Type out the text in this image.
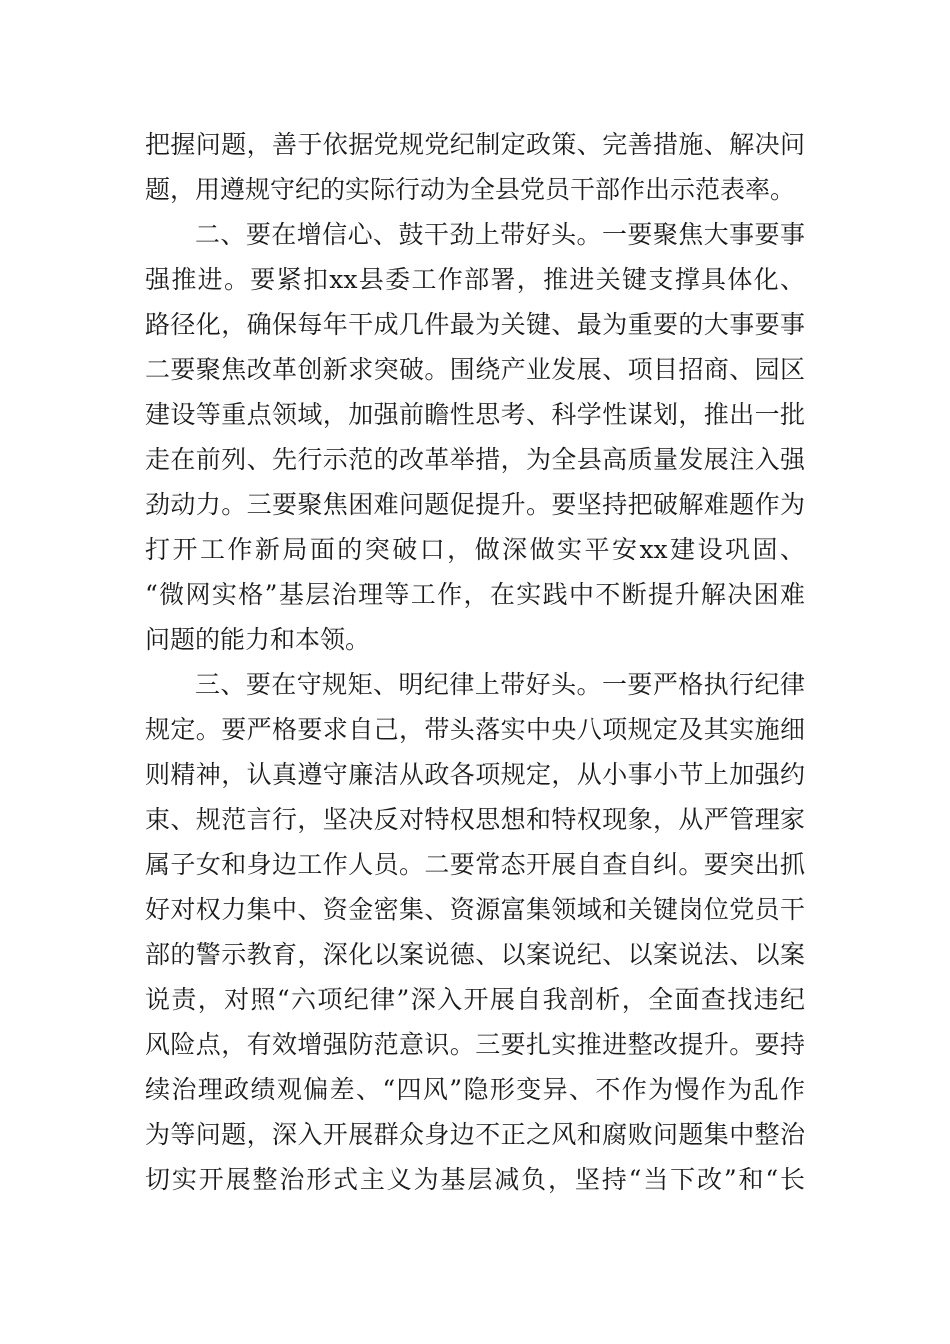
把握问题，善于依据党规党纪制定政策、完善措施、解决问
题，用遵规守纪的实际行动为全县党员干部作出示范表率。
二、要在增信心、鼓干劲上带好头。一要聚焦大事要事
强推进。要紧扣xx县委工作部署，推进关键支撑具体化、
路径化，确保每年干成几件最为关键、最为重要的大事要事
二要聚焦改革创新求突破。围绕产业发展、项目招商、园区
建设等重点领域，加强前瞻性思考、科学性谋划，推出一批
走在前列、先行示范的改革举措，为全县高质量发展注入强
劲动力。三要聚焦困难问题促提升。要坚持把破解难题作为
打开工作新局面的突破口，做深做实平安xx建设巩固、
“微网实格”基层治理等工作，在实践中不断提升解决困难
问题的能力和本领。
三、要在守规矩、明纪律上带好头。一要严格执行纪律
规定。要严格要求自己，带头落实中央八项规定及其实施细
则精神，认真遵守廉洁从政各项规定，从小事小节上加强约
束、规范言行，坚决反对特权思想和特权现象，从严管理家
属子女和身边工作人员。二要常态开展自查自纠。要突出抓
好对权力集中、资金密集、资源富集领域和关键岗位党员干
部的警示教育，深化以案说德、以案说纪、以案说法、以案
说责，对照“六项纪律”深入开展自我剖析，全面查找违纪
风险点，有效增强防范意识。三要扎实推进整改提升。要持
续治理政绩观偏差、“四风”隐形变异、不作为慢作为乱作
为等问题，深入开展群众身边不正之风和腐败问题集中整治
切实开展整治形式主义为基层减负，坚持“当下改”和“长
